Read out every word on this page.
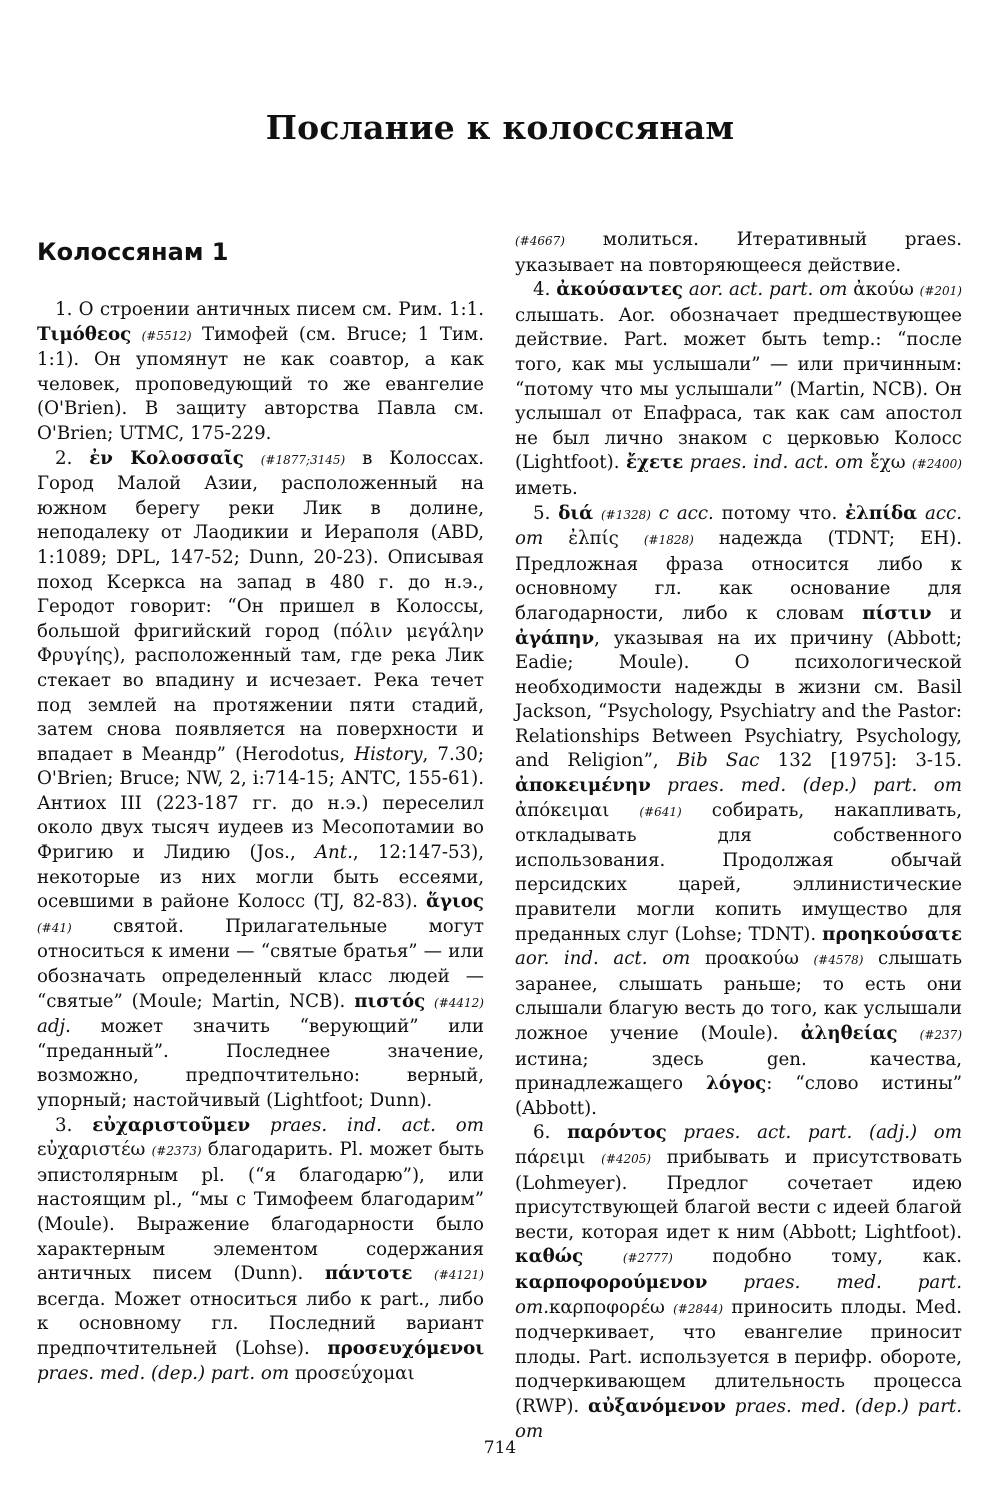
Послание к колоссянам
Колоссянам 1

1. О строении античных писем см. Рим. 1:1. Τιμόθεος (#5512) Тимофей (см. Bruce; 1 Тим. 1:1). Он упомянут не как соавтор, а как человек, проповедующий то же евангелие (O'Brien). В защиту авторства Павла см. O'Brien; UTMC, 175-229.

2. ἐν Κολοσσαῖς (#1877;3145) в Колоссах. Город Малой Азии, расположенный на южном берегу реки Лик в долине, неподалеку от Лаодикии и Иераполя (ABD, 1:1089; DPL, 147-52; Dunn, 20-23). Описывая поход Ксеркса на запад в 480 г. до н.э., Геродот говорит: “Он пришел в Колоссы, большой фригийский город (πόλιν μεγάλην Φρυγίης), расположенный там, где река Лик стекает во впадину и исчезает. Река течет под землей на протяжении пяти стадий, затем снова появляется на поверхности и впадает в Меандр” (Herodotus, History, 7.30; O'Brien; Bruce; NW, 2, i:714-15; ANTC, 155-61). Антиох III (223-187 гг. до н.э.) переселил около двух тысяч иудеев из Месопотамии во Фригию и Лидию (Jos., Ant., 12:147-53), некоторые из них могли быть ессеями, осевшими в районе Колосс (TJ, 82-83). ἅγιος (#41) святой. Прилагательные могут относиться к имени — “святые братья” — или обозначать определенный класс людей — “святые” (Moule; Martin, NCB). πιστός (#4412) adj. может значить “верующий” или “преданный”. Последнее значение, возможно, предпочтительно: верный, упорный; настойчивый (Lightfoot; Dunn).

3. εὐχαριστοῦμεν praes. ind. act. om εὐχαριστέω (#2373) благодарить. Pl. может быть эпистолярным pl. (“я благодарю”), или настоящим pl., “мы с Тимофеем благодарим” (Moule). Выражение благодарности было характерным элементом содержания античных писем (Dunn). πάντοτε (#4121) всегда. Может относиться либо к part., либо к основному гл. Последний вариант предпочтительней (Lohse). προσευχόμενοι praes. med. (dep.) part. om προσεύχομαι

(#4667) молиться. Итеративный praes. указывает на повторяющееся действие.

4. ἀκούσαντες aor. act. part. om ἀκούω (#201) слышать. Aor. обозначает предшествующее действие. Part. может быть temp.: “после того, как мы услышали” — или причинным: “потому что мы услышали” (Martin, NCB). Он услышал от Епафраса, так как сам апостол не был лично знаком с церковью Колосс (Lightfoot). ἔχετε praes. ind. act. om ἔχω (#2400) иметь.

5. διά (#1328) c acc. потому что. ἐλπίδα acc. om ἐλπίς (#1828) надежда (TDNT; EH). Предложная фраза относится либо к основному гл. как основание для благодарности, либо к словам πίστιν и ἀγάπην, указывая на их причину (Abbott; Eadie; Moule). О психологической необходимости надежды в жизни см. Basil Jackson, “Psychology, Psychiatry and the Pastor: Relationships Between Psychiatry, Psychology, and Religion”, Bib Sac 132 [1975]: 3-15. ἀποκειμένην praes. med. (dep.) part. om ἀπόκειμαι (#641) собирать, накапливать, откладывать для собственного использования. Продолжая обычай персидских царей, эллинистические правители могли копить имущество для преданных слуг (Lohse; TDNT). προηκούσατε aor. ind. act. om προακούω (#4578) слышать заранее, слышать раньше; то есть они слышали благую весть до того, как услышали ложное учение (Moule). ἀληθείας (#237) истина; здесь gen. качества, принадлежащего λόγος: “слово истины” (Abbott).

6. παρόντος praes. act. part. (adj.) om πάρειμι (#4205) прибывать и присутствовать (Lohmeyer). Предлог сочетает идею присутствующей благой вести с идеей благой вести, которая идет к ним (Abbott; Lightfoot). καθώς	(#2777) подобно тому, как. καρποφορούμενον praes. med. part. om.καρποφορέω (#2844) приносить плоды. Med. подчеркивает, что евангелие приносит плоды. Part. используется в перифр. обороте, подчеркивающем длительность процесса (RWP). αὐξανόμενον praes. med. (dep.) part. om

714
